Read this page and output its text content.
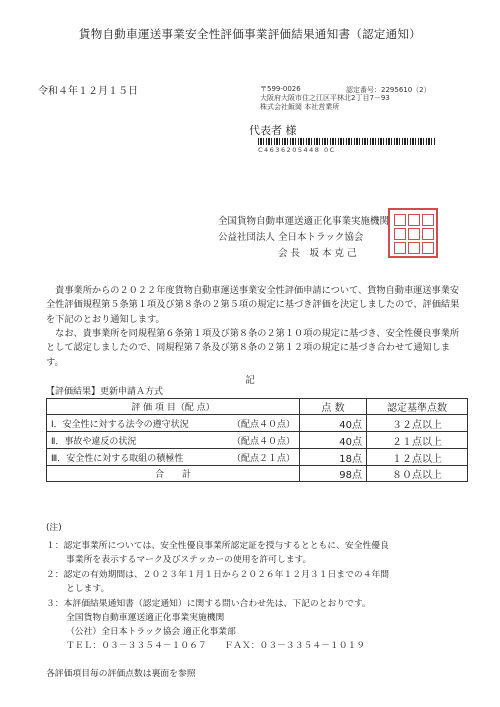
貨物自動車運送事業安全性評価事業評価結果通知書（認定通知）
令和４年１２月１５日	〒599-0026	認定番号：2295610（2）
大阪府大阪市住之江区平林北2丁目7－93
株式会社飯岡 本社営業所
代表者 様
C4636205448 0C
全国貨物自動車運送適正化事業実施機関
公益社団法人 全日本トラック協会
会 長　坂 本 克 己
　貴事業所からの２０２２年度貨物自動車運送事業安全性評価申請について、貨物自動車運送事業安全性評価規程第５条第１項及び第８条の２第５項の規定に基づき評価を決定しましたので、評価結果を下記のとおり通知します。
　なお、貴事業所を同規程第６条第１項及び第８条の２第１０項の規定に基づき、安全性優良事業所として認定しましたので、同規程第７条及び第８条の２第１２項の規定に基づき合わせて通知します。
記
【評価結果】更新申請Ａ方式
評 価 項 目（配 点）	点 数	認定基準点数
Ⅰ．安全性に対する法令の遵守状況 （配点４０点）	40点	３２点以上
Ⅱ．事故や違反の状況 （配点４０点）	40点	２１点以上
Ⅲ．安全性に対する取組の積極性 （配点２１点）	18点	１２点以上
合　　計	98点	８０点以上
(注)
１：認定事業所については、安全性優良事業所認定証を授与するとともに、安全性優良
事業所を表示するマーク及びステッカーの使用を許可します。
２：認定の有効期間は、２０２３年１月１日から２０２６年１２月３１日までの４年間
とします。
３：本評価結果通知書（認定通知）に関する問い合わせ先は、下記のとおりです。
全国貨物自動車運送適正化事業実施機関
（公社）全日本トラック協会 適正化事業部
ＴＥＬ：０３－３３５４－１０６７　　ＦＡＸ：０３－３３５４－１０１９
各評価項目毎の評価点数は裏面を参照
